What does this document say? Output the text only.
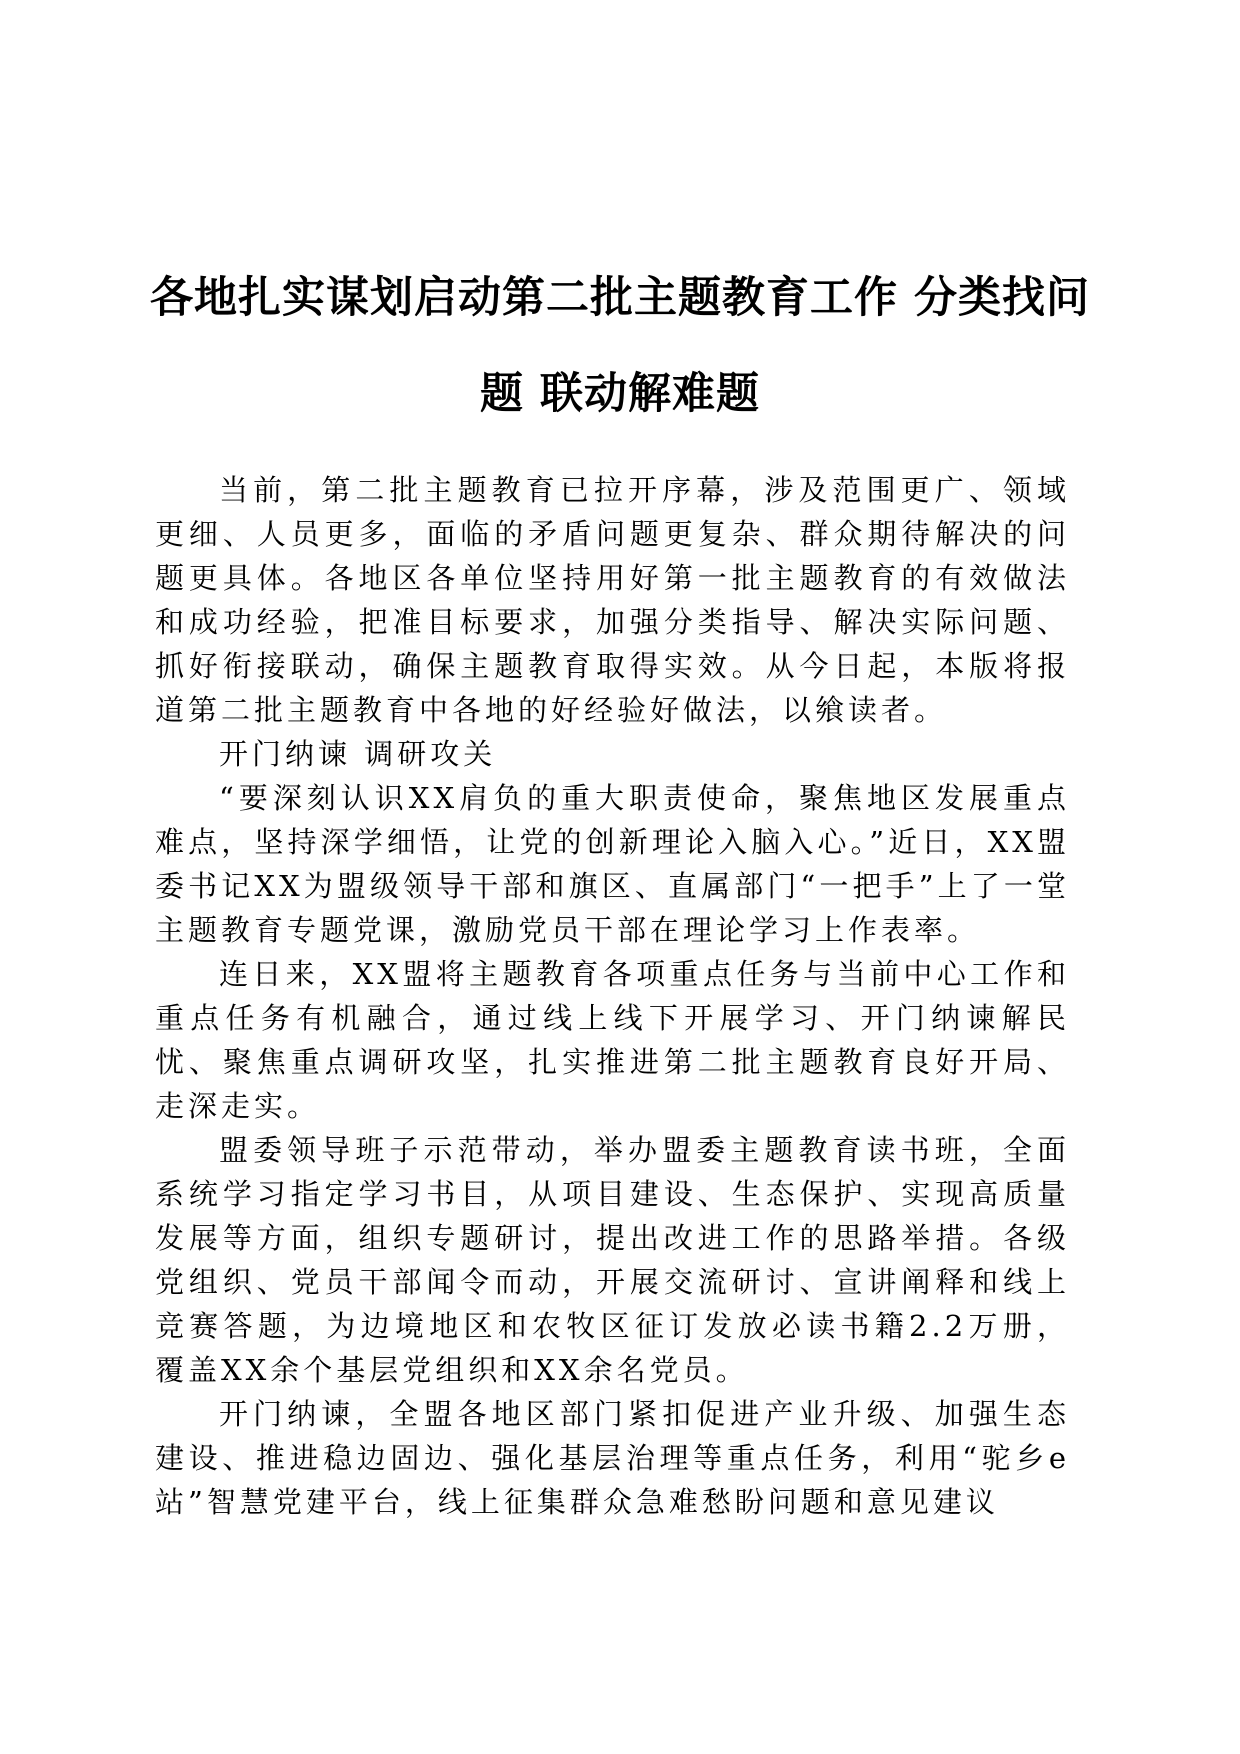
各地扎实谋划启动第二批主题教育工作 分类找问题 联动解难题

当前，第二批主题教育已拉开序幕，涉及范围更广、领域更细、人员更多，面临的矛盾问题更复杂、群众期待解决的问题更具体。各地区各单位坚持用好第一批主题教育的有效做法和成功经验，把准目标要求，加强分类指导、解决实际问题、抓好衔接联动，确保主题教育取得实效。从今日起，本版将报道第二批主题教育中各地的好经验好做法，以飨读者。

开门纳谏 调研攻关

“要深刻认识XX肩负的重大职责使命，聚焦地区发展重点难点，坚持深学细悟，让党的创新理论入脑入心。”近日，XX盟委书记XX为盟级领导干部和旗区、直属部门“一把手”上了一堂主题教育专题党课，激励党员干部在理论学习上作表率。

连日来，XX盟将主题教育各项重点任务与当前中心工作和重点任务有机融合，通过线上线下开展学习、开门纳谏解民忧、聚焦重点调研攻坚，扎实推进第二批主题教育良好开局、走深走实。

盟委领导班子示范带动，举办盟委主题教育读书班，全面系统学习指定学习书目，从项目建设、生态保护、实现高质量发展等方面，组织专题研讨，提出改进工作的思路举措。各级党组织、党员干部闻令而动，开展交流研讨、宣讲阐释和线上竞赛答题，为边境地区和农牧区征订发放必读书籍2.2万册，覆盖XX余个基层党组织和XX余名党员。

开门纳谏，全盟各地区部门紧扣促进产业升级、加强生态建设、推进稳边固边、强化基层治理等重点任务，利用“驼乡e站”智慧党建平台，线上征集群众急难愁盼问题和意见建议
